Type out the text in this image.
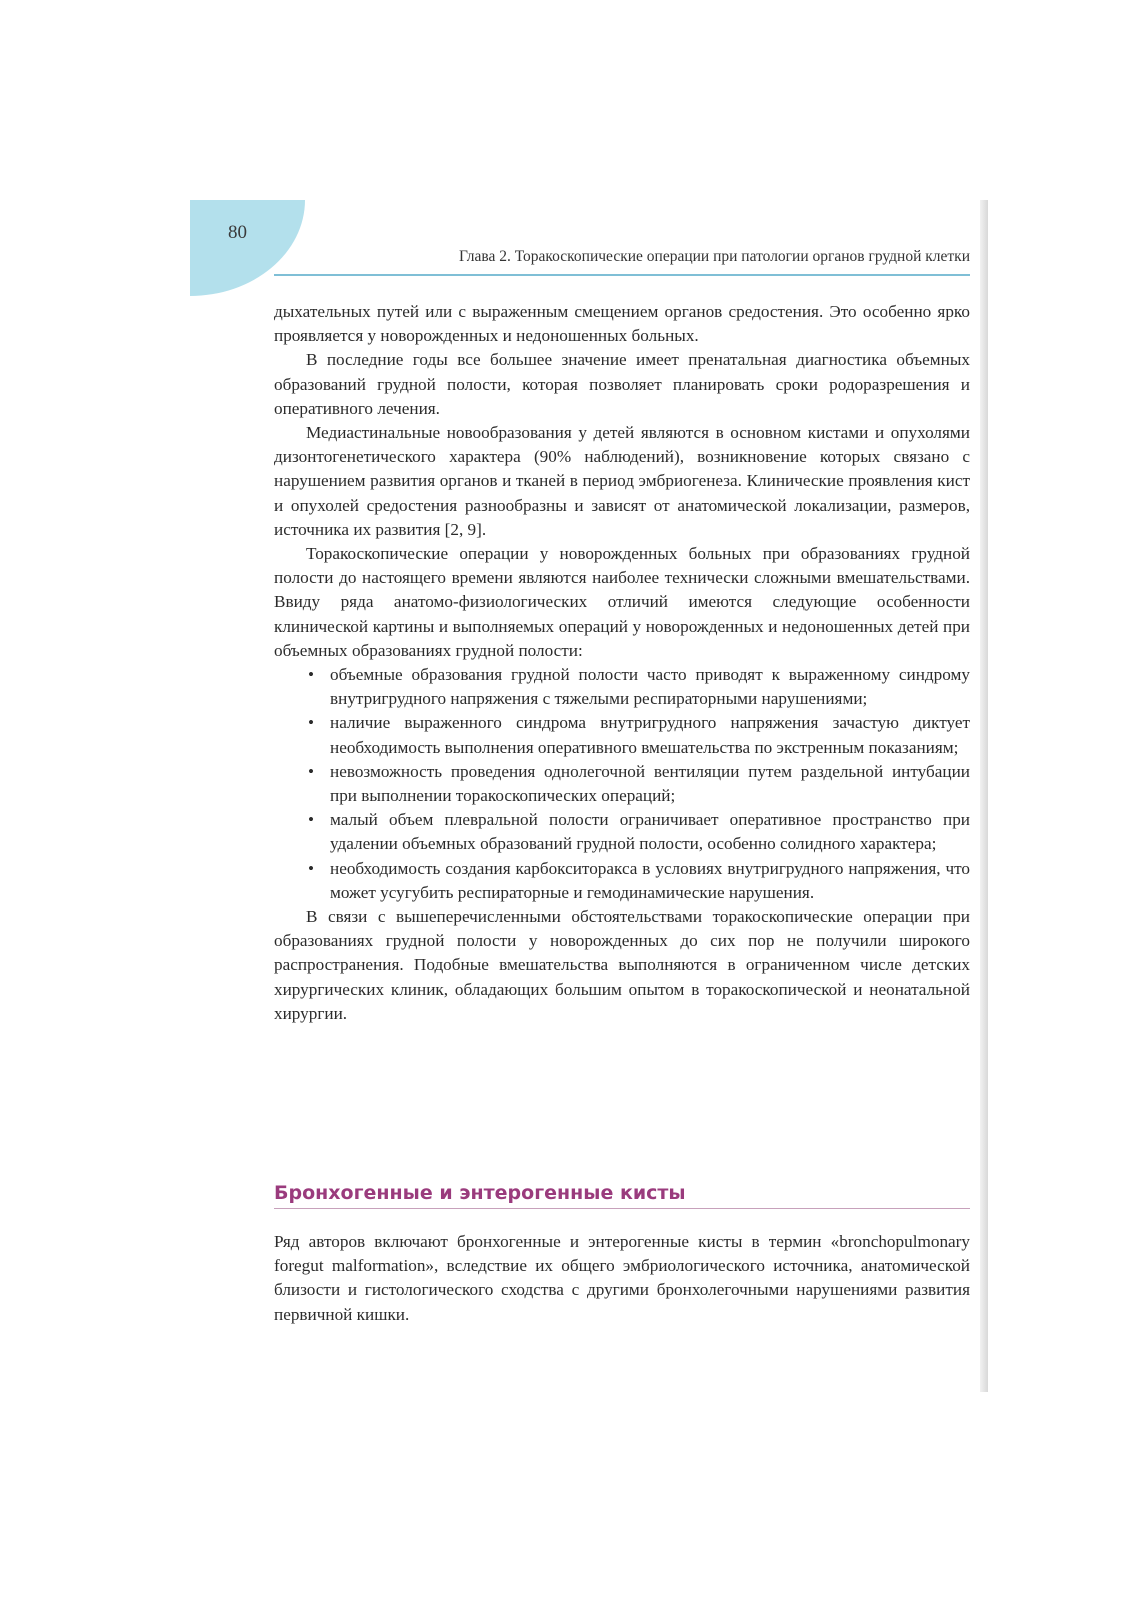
80
Глава 2. Торакоскопические операции при патологии органов грудной клетки

дыхательных путей или с выраженным смещением органов средостения. Это особенно ярко проявляется у новорожденных и недоношенных больных.

В последние годы все большее значение имеет пренатальная диагностика объемных образований грудной полости, которая позволяет планировать сроки родоразрешения и оперативного лечения.

Медиастинальные новообразования у детей являются в основном кистами и опухолями дизонтогенетического характера (90% наблюдений), возникновение которых связано с нарушением развития органов и тканей в период эмбриогенеза. Клинические проявления кист и опухолей средостения разнообразны и зависят от анатомической локализации, размеров, источника их развития [2, 9].

Торакоскопические операции у новорожденных больных при образованиях грудной полости до настоящего времени являются наиболее технически сложными вмешательствами. Ввиду ряда анатомо-физиологических отличий имеются следующие особенности клинической картины и выполняемых операций у новорожденных и недоношенных детей при объемных образованиях грудной полости:

• объемные образования грудной полости часто приводят к выраженному синдрому внутригрудного напряжения с тяжелыми респираторными нарушениями;
• наличие выраженного синдрома внутригрудного напряжения зачастую диктует необходимость выполнения оперативного вмешательства по экстренным показаниям;
• невозможность проведения однолегочной вентиляции путем раздельной интубации при выполнении торакоскопических операций;
• малый объем плевральной полости ограничивает оперативное пространство при удалении объемных образований грудной полости, особенно солидного характера;
• необходимость создания карбокситоракса в условиях внутригрудного напряжения, что может усугубить респираторные и гемодинамические нарушения.

В связи с вышеперечисленными обстоятельствами торакоскопические операции при образованиях грудной полости у новорожденных до сих пор не получили широкого распространения. Подобные вмешательства выполняются в ограниченном числе детских хирургических клиник, обладающих большим опытом в торакоскопической и неонатальной хирургии.

Бронхогенные и энтерогенные кисты

Ряд авторов включают бронхогенные и энтерогенные кисты в термин «bronchopulmonary foregut malformation», вследствие их общего эмбриологического источника, анатомической близости и гистологического сходства с другими бронхолегочными нарушениями развития первичной кишки.
